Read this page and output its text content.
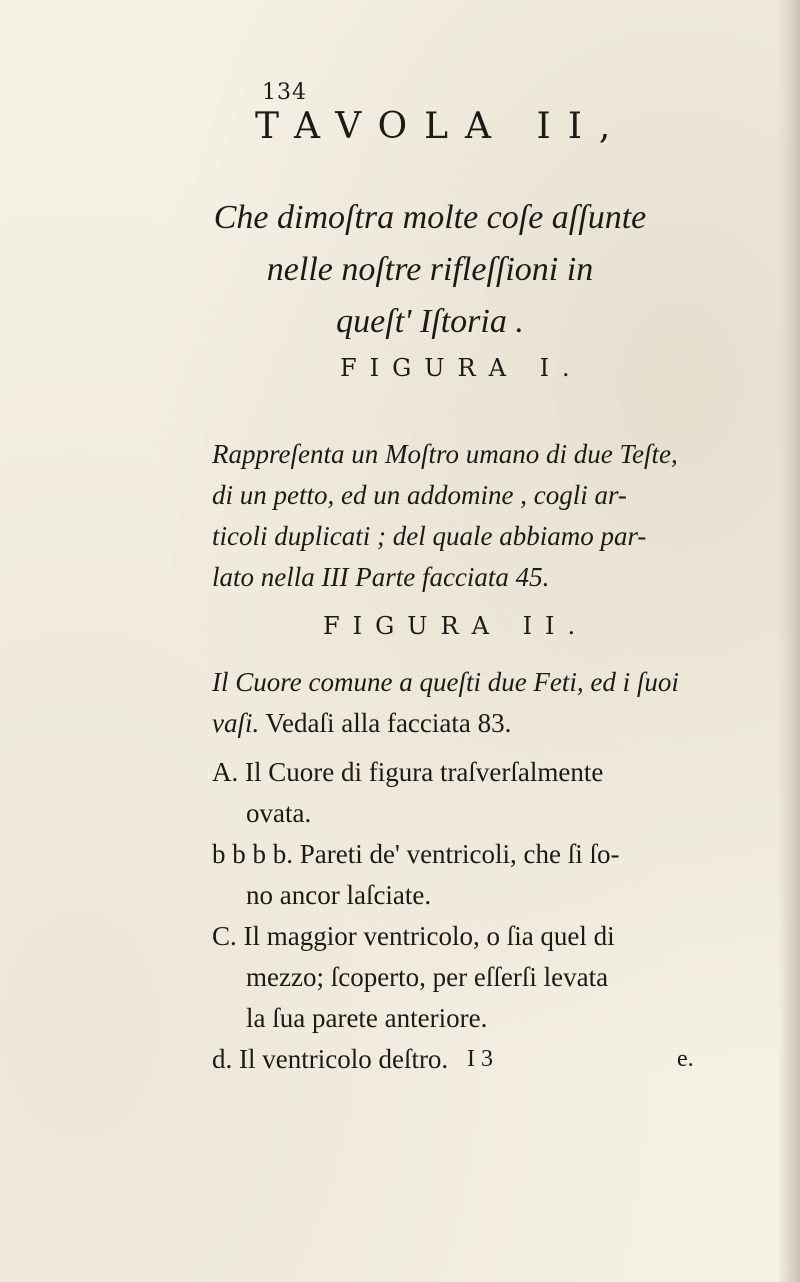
134
TAVOLA II,
Che dimoſtra molte coſe aſſunte
nelle noſtre rifleſſioni in
queſt' Iſtoria .
FIGURA I.
Rappreſenta un Moſtro umano di due Teſte,
di un petto, ed un addomine , cogli ar-
ticoli duplicati ; del quale abbiamo par-
lato nella III Parte facciata 45.
FIGURA II.
Il Cuore comune a queſti due Feti, ed i ſuoi
vaſi. Vedaſi alla facciata 83.
A. Il Cuore di figura traſverſalmente
ovata.
b b b b. Pareti de' ventricoli, che ſi ſo-
no ancor laſciate.
C. Il maggior ventricolo, o ſia quel di
mezzo; ſcoperto, per eſſerſi levata
la ſua parete anteriore.
d. Il ventricolo deſtro. I 3	e.
